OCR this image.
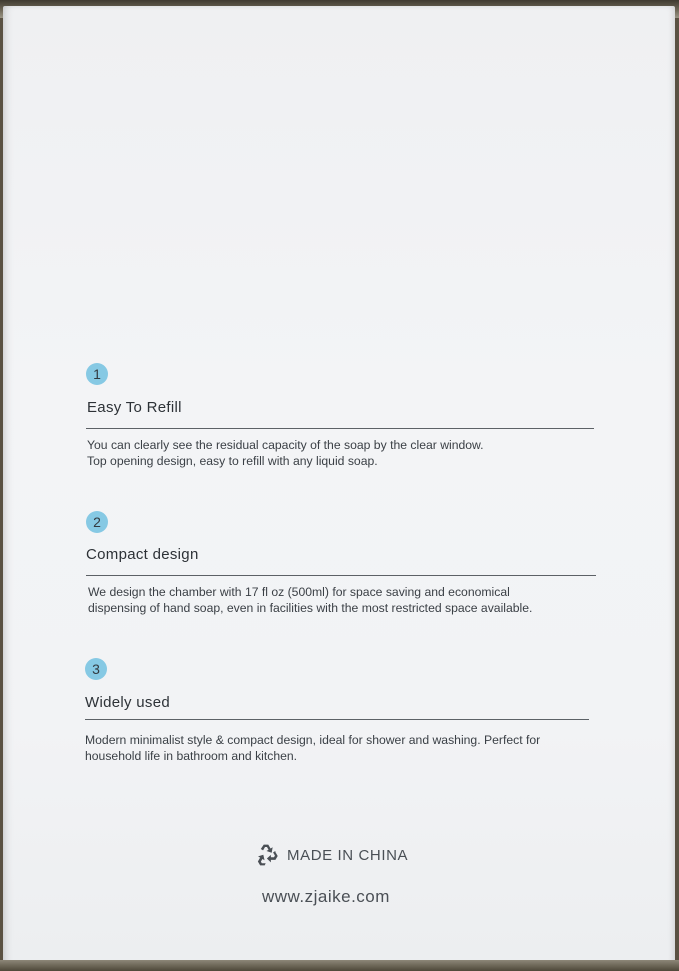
1
Easy To Refill

You can clearly see the residual capacity of the soap by the clear window.
Top opening design, easy to refill with any liquid soap.

2
Compact design

We design the chamber with 17 fl oz (500ml) for space saving and economical
dispensing of hand soap, even in facilities with the most restricted space available.

3
Widely used

Modern minimalist style & compact design, ideal for shower and washing. Perfect for
household life in bathroom and kitchen.

MADE IN CHINA
www.zjaike.com
